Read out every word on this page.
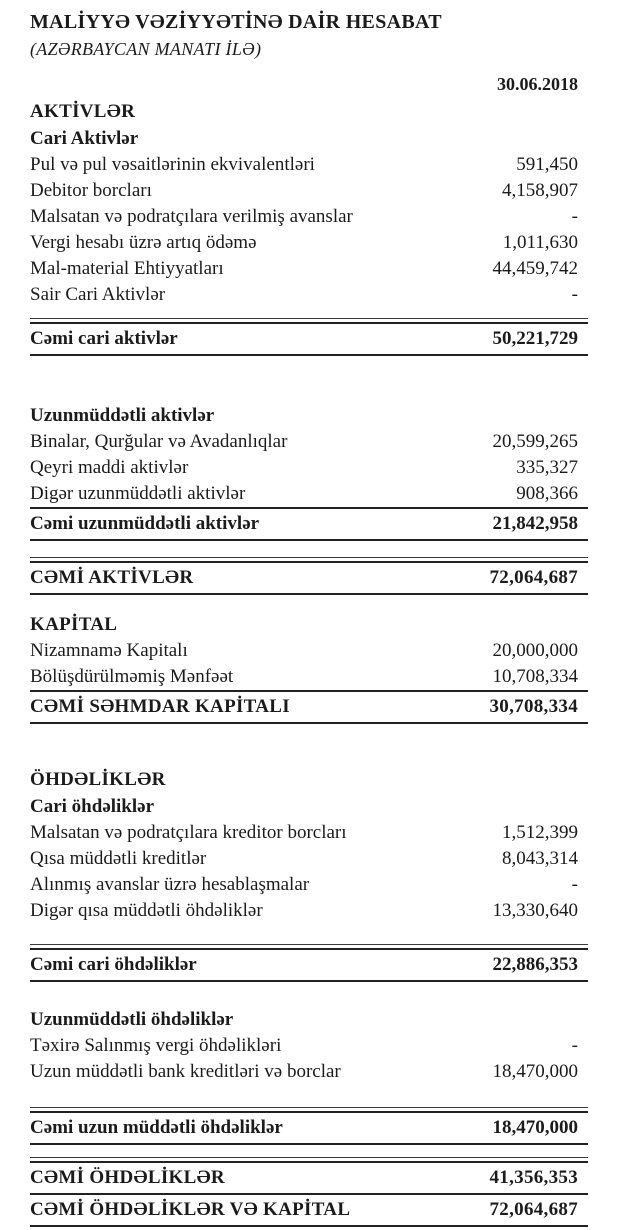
MALİYYƏ VƏZİYYƏTİNƏ DAİR HESABAT
(AZƏRBAYCAN MANATI İLƏ)
30.06.2018
AKTİVLƏR
Cari Aktivlər
Pul və pul vəsaitlərinin ekvivalentləri	591,450
Debitor borcları	4,158,907
Malsatan və podratçılara verilmiş avanslar	-
Vergi hesabı üzrə artıq ödəmə	1,011,630
Mal-material Ehtiyyatları	44,459,742
Sair Cari Aktivlər	-
Cəmi cari aktivlər	50,221,729
Uzunmüddətli aktivlər
Binalar, Qurğular və Avadanlıqlar	20,599,265
Qeyri maddi aktivlər	335,327
Digər uzunmüddətli aktivlər	908,366
Cəmi uzunmüddətli aktivlər	21,842,958
CƏMİ AKTİVLƏR	72,064,687
KAPİTAL
Nizamnamə Kapitalı	20,000,000
Bölüşdürülməmiş Mənfəət	10,708,334
CƏMİ SƏHMDAR KAPİTALI	30,708,334
ÖHDƏLİKLƏR
Cari öhdəliklər
Malsatan və podratçılara kreditor borcları	1,512,399
Qısa müddətli kreditlər	8,043,314
Alınmış avanslar üzrə hesablaşmalar	-
Digər qısa müddətli öhdəliklər	13,330,640
Cəmi cari öhdəliklər	22,886,353
Uzunmüddətli öhdəliklər
Təxirə Salınmış vergi öhdəlikləri	-
Uzun müddətli bank kreditləri və borclar	18,470,000
Cəmi uzun müddətli öhdəliklər	18,470,000
CƏMİ ÖHDƏLİKLƏR	41,356,353
CƏMİ ÖHDƏLİKLƏR VƏ KAPİTAL	72,064,687
